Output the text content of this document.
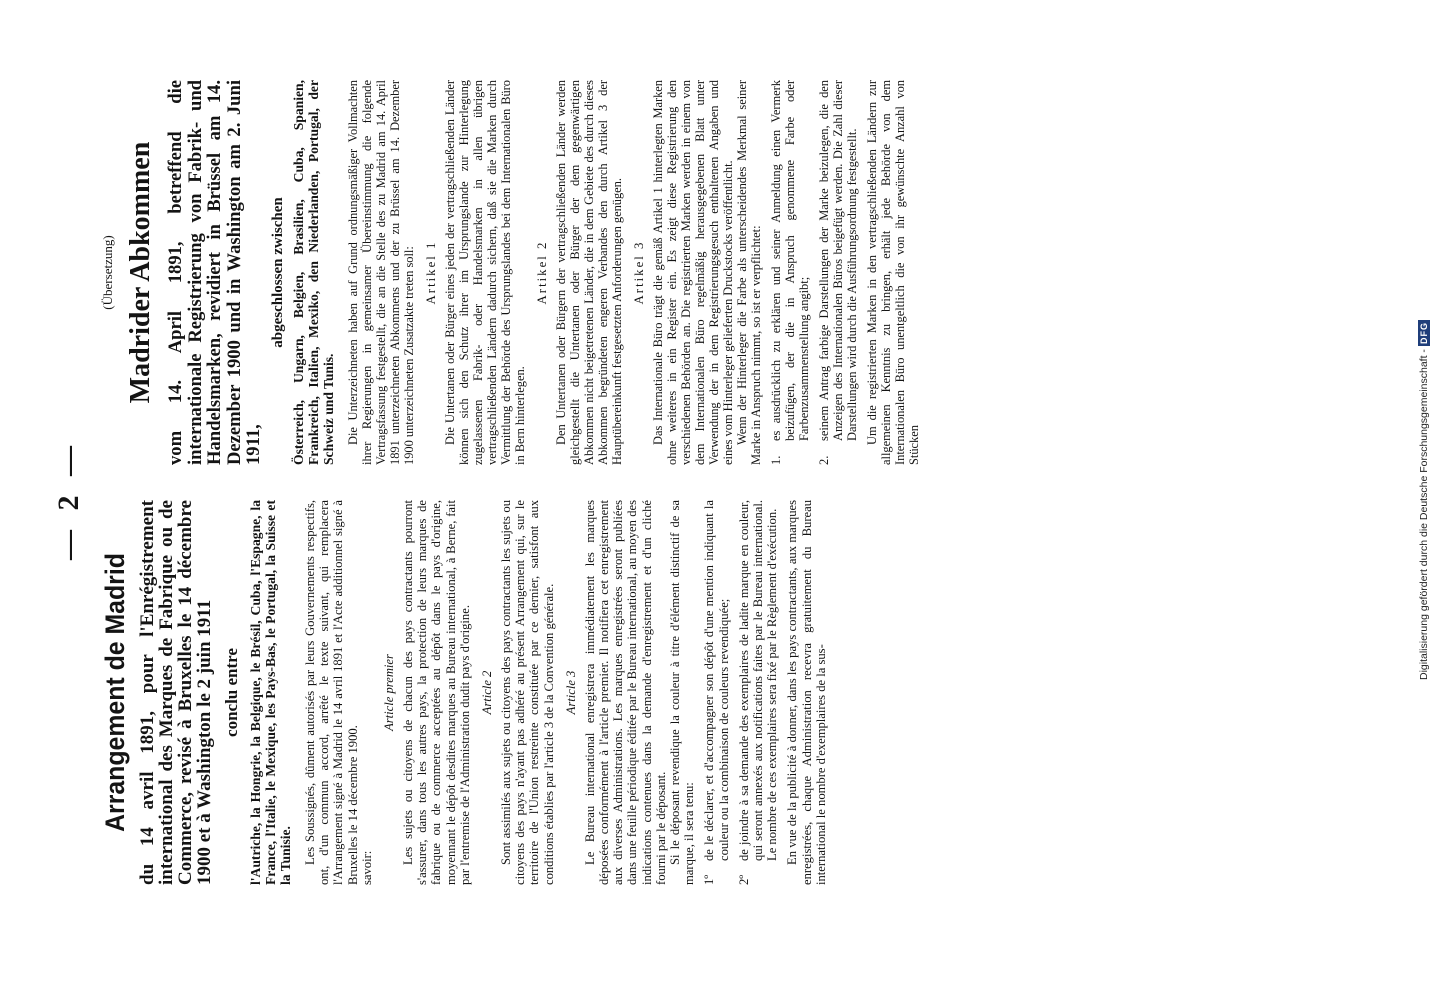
— 2 —
Arrangement de Madrid du 14 avril 1891, pour l'Enrégistrement international des Marques de Fabrique ou de Commerce, revisé à Bruxelles le 14 décembre 1900 et à Washington le 2 juin 1911 conclu entre l'Autriche, la Hongrie, la Belgique, le Brésil, Cuba, l'Espagne, la France, l'Italie, le Mexique, les Pays-Bas, le Portugal, la Suisse et la Tunisie. Les Soussignés, dûment autorisés par leurs Gouvernements respectifs, ont, d'un commun accord, arrêté le texte suivant, qui remplacera l'Arrangement signé à Madrid le 14 avril 1891 et l'Acte additionnel signé à Bruxelles le 14 décembre 1900. savoir:

Article premier Les sujets ou citoyens de chacun des pays contractants pourront s'assurer, dans tous les autres pays, la protection de leurs marques de fabrique ou de commerce acceptées au dépôt dans le pays d'origine, moyennant le dépôt desdites marques au Bureau international, à Berne, fait par l'entremise de l'Administration dudit pays d'origine. Article 2 Sont assimilés aux sujets ou citoyens des pays contractants les sujets ou citoyens des pays n'ayant pas adhéré au présent Arrangement qui, sur le territoire de l'Union restreinte constituée par ce dernier, satisfont aux conditions établies par l'article 3 de la Convention générale. Article 3 Le Bureau international enregistrera immédiatement les marques déposées conformément à l'article premier. Il notifiera cet enregistrement aux diverses Administrations. Les marques enregistrées seront publiées dans une feuille périodique éditée par le Bureau international, au moyen des indications contenues dans la demande d'enregistrement et d'un cliché fourni par le déposant. Si le déposant revendique la couleur à titre d'élément distinctif de sa marque, il sera tenu: 1º
de le déclarer, et d'accompagner son dépôt d'une mention indiquant la couleur ou la combinaison de couleurs revendiquée;
2º
de joindre à sa demande des exemplaires de ladite marque en couleur, qui seront annexés aux notifications faites par le Bureau international. Le nombre de ces exemplaires sera fixé par le Règlement d'exécution. En vue de la publicité à donner, dans les pays contractants, aux marques enregistrées, chaque Administration recevra gratuitement du Bureau international le nombre d'exemplaires de la sus-

(Übersetzung) Madrider Abkommen vom 14. April 1891, betreffend die internationale Registrierung von Fabrik- und Handelsmarken, revidiert in Brüssel am 14. Dezember 1900 und in Washington am 2. Juni 1911,
abgeschlossen zwischen Österreich, Ungarn, Belgien, Brasilien, Cuba, Spanien, Frankreich, Italien, Mexiko, den Niederlanden, Portugal, der Schweiz und Tunis. Die Unterzeichneten haben auf Grund ordnungsmäßiger Vollmachten ihrer Regierungen in gemeinsamer Übereinstimmung die folgende Vertragsfassung festgestellt, die an die Stelle des zu Madrid am 14. April 1891 unterzeichneten Abkommens und der zu Brüssel am 14. Dezember 1900 unterzeichneten Zusatzakte treten soll: Artikel 1 Die Untertanen oder Bürger eines jeden der vertragschließenden Länder können sich den Schutz ihrer im Ursprungslande zur Hinterlegung zugelassenen Fabrik- oder Handelsmarken in allen übrigen vertragschließenden Ländern dadurch sichern, daß sie die Marken durch Vermittlung der Behörde des Ursprungslandes bei dem Internationalen Büro in Bern hinterlegen.

Artikel 2 Den Untertanen oder Bürgern der vertragschließenden Länder werden gleichgestellt die Untertanen oder Bürger der dem gegenwärtigen Abkommen nicht beigetretenen Länder, die in dem Gebiete des durch dieses Abkommen begründeten engeren Verbandes den durch Artikel 3 der Hauptübereinkunft festgesetzten Anforderungen genügen. Artikel 3 Das Internationale Büro trägt die gemäß Artikel 1 hinterlegten Marken ohne weiteres in ein Register ein. Es zeigt diese Registrierung den verschiedenen Behörden an. Die registrierten Marken werden in einem von dem Internationalen Büro regelmäßig herausgegebenen Blatt unter Verwendung der in dem Registrierungsgesuch enthaltenen Angaben und eines vom Hinterleger gelieferten Druckstocks veröffentlicht. Wenn der Hinterleger die Farbe als unterscheidendes Merkmal seiner Marke in Anspruch nimmt, so ist er verpflichtet: 1.
es ausdrücklich zu erklären und seiner Anmeldung einen Vermerk beizufügen, der die in Anspruch genommene Farbe oder Farbenzusammenstellung angibt;
2.
seinem Antrag farbige Darstellungen der Marke beizulegen, die den Anzeigen des Internationalen Büros beigefügt werden. Die Zahl dieser Darstellungen wird durch die Ausführungsordnung festgestellt. Um die registrierten Marken in den vertragschließenden Ländern zur allgemeinen Kenntnis zu bringen, erhält jede Behörde von dem Internationalen Büro unentgeltlich die von ihr gewünschte Anzahl von Stücken	Digitalisierung gefördert durch die Deutsche Forschungsgemeinschaft -
DFG
